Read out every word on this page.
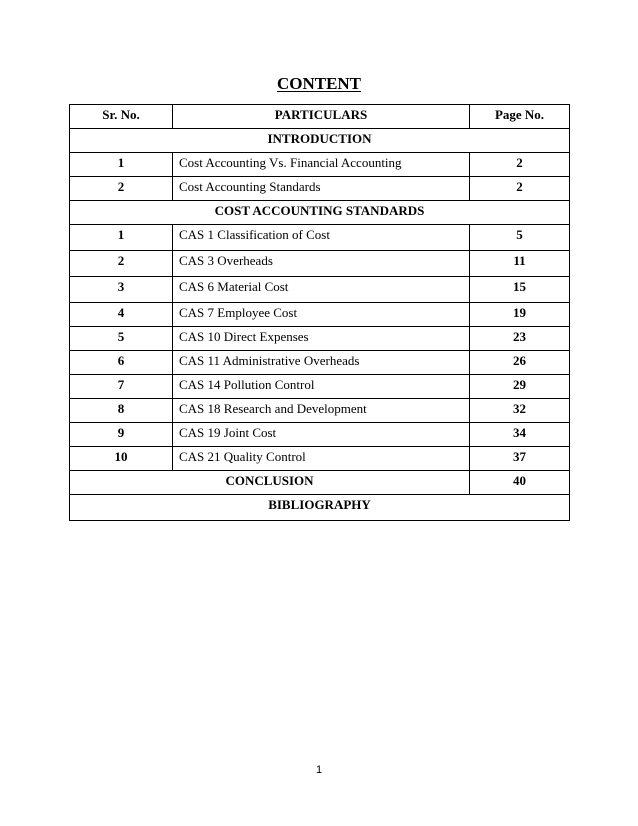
CONTENT
Sr. No.	PARTICULARS	Page No.
INTRODUCTION		
1	Cost Accounting Vs. Financial Accounting	2
2	Cost Accounting Standards	2
COST ACCOUNTING STANDARDS		
1	CAS 1 Classification of Cost	5
2	CAS 3 Overheads	11
3	CAS 6 Material Cost	15
4	CAS 7 Employee Cost	19
5	CAS 10 Direct Expenses	23
6	CAS 11 Administrative Overheads	26
7	CAS 14 Pollution Control	29
8	CAS 18 Research and Development	32
9	CAS 19 Joint Cost	34
10	CAS 21 Quality Control	37
CONCLUSION		40
BIBLIOGRAPHY		
1
